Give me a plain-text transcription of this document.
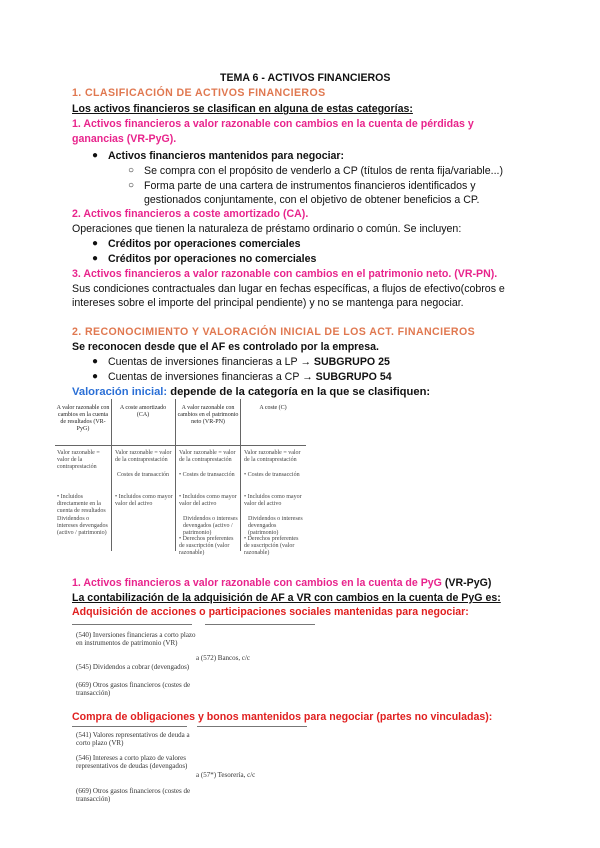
TEMA 6 - ACTIVOS FINANCIEROS
1. CLASIFICACIÓN DE ACTIVOS FINANCIEROS
Los activos financieros se clasifican en alguna de estas categorías:
1. Activos financieros a valor razonable con cambios en la cuenta de pérdidas y
ganancias (VR-PyG).
● Activos financieros mantenidos para negociar:
○ Se compra con el propósito de venderlo a CP (títulos de renta fija/variable...)
○ Forma parte de una cartera de instrumentos financieros identificados y
gestionados conjuntamente, con el objetivo de obtener beneficios a CP.
2. Activos financieros a coste amortizado (CA).
Operaciones que tienen la naturaleza de préstamo ordinario o común. Se incluyen:
● Créditos por operaciones comerciales
● Créditos por operaciones no comerciales
3. Activos financieros a valor razonable con cambios en el patrimonio neto. (VR-PN).
Sus condiciones contractuales dan lugar en fechas específicas, a flujos de efectivo(cobros e
intereses sobre el importe del principal pendiente) y no se mantenga para negociar.
2. RECONOCIMIENTO Y VALORACIÓN INICIAL DE LOS ACT. FINANCIEROS
Se reconocen desde que el AF es controlado por la empresa.
● Cuentas de inversiones financieras a LP → SUBGRUPO 25
● Cuentas de inversiones financieras a CP → SUBGRUPO 54
Valoración inicial: depende de la categoría en la que se clasifiquen:
A valor razonable con cambios en la cuenta de resultados (VR-PyG)
A coste amortizado (CA)
A valor razonable con cambios en el patrimonio neto (VR-PN)
A coste (C)
Valor razonable = valor de la contraprestación
• Incluidos directamente en la cuenta de resultados
Dividendos o intereses devengados (activo / patrimonio)
Valor razonable = valor de la contraprestación
Costes de transacción
• Incluidos como mayor valor del activo
Valor razonable = valor de la contraprestación
• Costes de transacción
• Incluidos como mayor valor del activo
Dividendos o intereses devengados (activo / patrimonio)
• Derechos preferentes de suscripción (valor razonable)
Valor razonable = valor de la contraprestación
• Costes de transacción
• Incluidos como mayor valor del activo
Dividendos o intereses devengados (patrimonio)
• Derechos preferentes de suscripción (valor razonable)
1. Activos financieros a valor razonable con cambios en la cuenta de PyG (VR-PyG)
La contabilización de la adquisición de AF a VR con cambios en la cuenta de PyG es:
Adquisición de acciones o participaciones sociales mantenidas para negociar:
(540) Inversiones financieras a corto plazo en instrumentos de patrimonio (VR)
a (572) Bancos, c/c
(545) Dividendos a cobrar (devengados)
(669) Otros gastos financieros (costes de transacción)
Compra de obligaciones y bonos mantenidos para negociar (partes no vinculadas):
(541) Valores representativos de deuda a corto plazo (VR)
(546) Intereses a corto plazo de valores representativos de deudas (devengados)
a (57*) Tesorería, c/c
(669) Otros gastos financieros (costes de transacción)
